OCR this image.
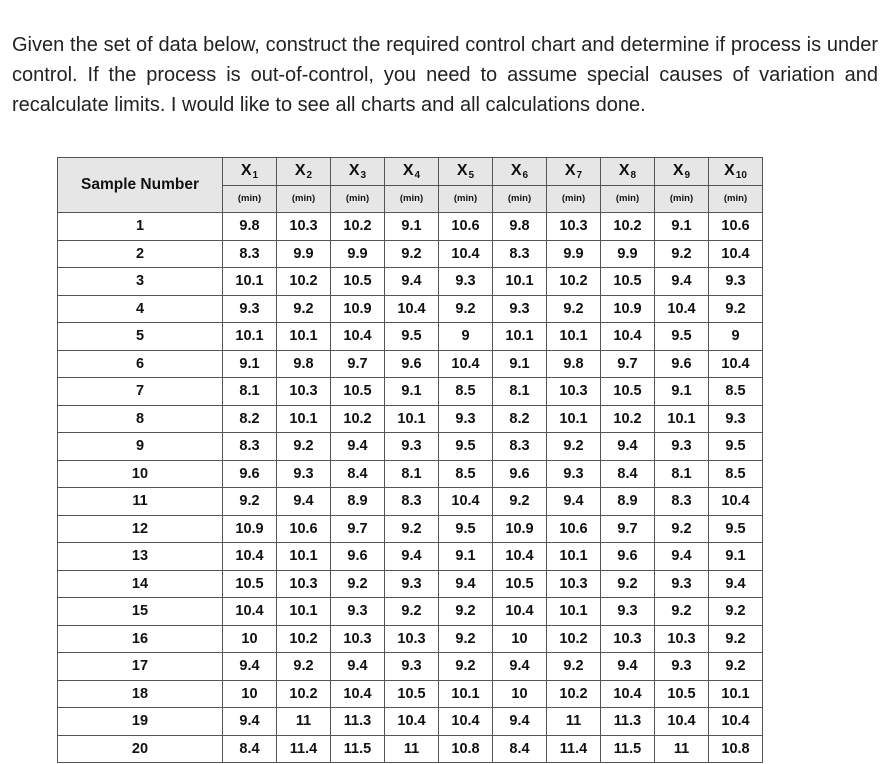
Given the set of data below, construct the required control chart and determine if process is under control. If the process is out-of-control, you need to assume special causes of variation and recalculate limits. I would like to see all charts and all calculations done.

Sample Number	$X_1$	$X_2$	$X_3$	$X_4$	$X_5$	$X_6$	$X_7$	$X_8$	$X_9$	$X_{10}$
	(min)	(min)	(min)	(min)	(min)	(min)	(min)	(min)	(min)	(min)
1	9.8	10.3	10.2	9.1	10.6	9.8	10.3	10.2	9.1	10.6
2	8.3	9.9	9.9	9.2	10.4	8.3	9.9	9.9	9.2	10.4
3	10.1	10.2	10.5	9.4	9.3	10.1	10.2	10.5	9.4	9.3
4	9.3	9.2	10.9	10.4	9.2	9.3	9.2	10.9	10.4	9.2
5	10.1	10.1	10.4	9.5	9	10.1	10.1	10.4	9.5	9
6	9.1	9.8	9.7	9.6	10.4	9.1	9.8	9.7	9.6	10.4
7	8.1	10.3	10.5	9.1	8.5	8.1	10.3	10.5	9.1	8.5
8	8.2	10.1	10.2	10.1	9.3	8.2	10.1	10.2	10.1	9.3
9	8.3	9.2	9.4	9.3	9.5	8.3	9.2	9.4	9.3	9.5
10	9.6	9.3	8.4	8.1	8.5	9.6	9.3	8.4	8.1	8.5
11	9.2	9.4	8.9	8.3	10.4	9.2	9.4	8.9	8.3	10.4
12	10.9	10.6	9.7	9.2	9.5	10.9	10.6	9.7	9.2	9.5
13	10.4	10.1	9.6	9.4	9.1	10.4	10.1	9.6	9.4	9.1
14	10.5	10.3	9.2	9.3	9.4	10.5	10.3	9.2	9.3	9.4
15	10.4	10.1	9.3	9.2	9.2	10.4	10.1	9.3	9.2	9.2
16	10	10.2	10.3	10.3	9.2	10	10.2	10.3	10.3	9.2
17	9.4	9.2	9.4	9.3	9.2	9.4	9.2	9.4	9.3	9.2
18	10	10.2	10.4	10.5	10.1	10	10.2	10.4	10.5	10.1
19	9.4	11	11.3	10.4	10.4	9.4	11	11.3	10.4	10.4
20	8.4	11.4	11.5	11	10.8	8.4	11.4	11.5	11	10.8
